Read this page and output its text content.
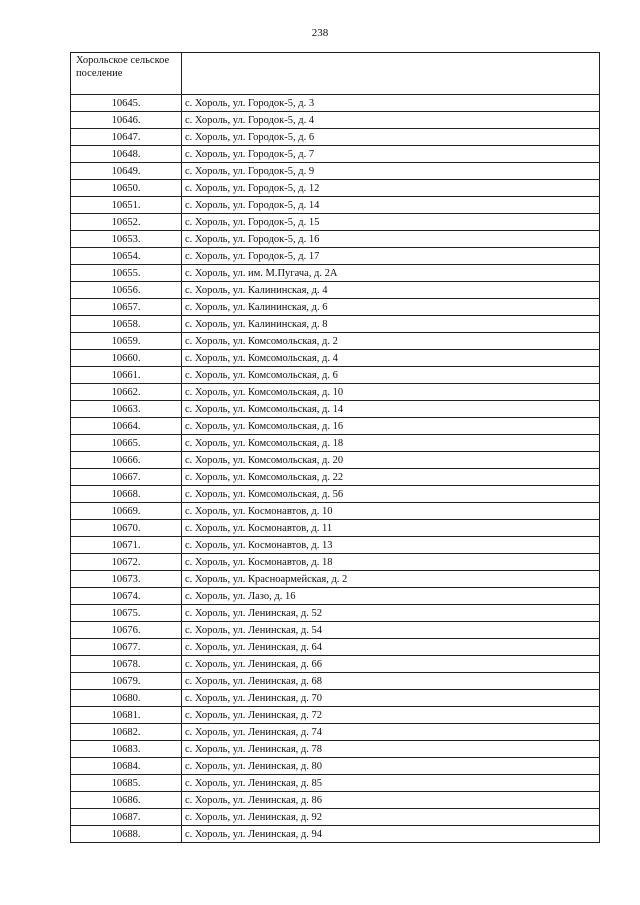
238
Хорольское сельское поселение	
10645.	с. Хороль, ул. Городок-5, д. 3
10646.	с. Хороль, ул. Городок-5, д. 4
10647.	с. Хороль, ул. Городок-5, д. 6
10648.	с. Хороль, ул. Городок-5, д. 7
10649.	с. Хороль, ул. Городок-5, д. 9
10650.	с. Хороль, ул. Городок-5, д. 12
10651.	с. Хороль, ул. Городок-5, д. 14
10652.	с. Хороль, ул. Городок-5, д. 15
10653.	с. Хороль, ул. Городок-5, д. 16
10654.	с. Хороль, ул. Городок-5, д. 17
10655.	с. Хороль, ул. им. М.Пугача, д. 2А
10656.	с. Хороль, ул. Калининская, д. 4
10657.	с. Хороль, ул. Калининская, д. 6
10658.	с. Хороль, ул. Калининская, д. 8
10659.	с. Хороль, ул. Комсомольская, д. 2
10660.	с. Хороль, ул. Комсомольская, д. 4
10661.	с. Хороль, ул. Комсомольская, д. 6
10662.	с. Хороль, ул. Комсомольская, д. 10
10663.	с. Хороль, ул. Комсомольская, д. 14
10664.	с. Хороль, ул. Комсомольская, д. 16
10665.	с. Хороль, ул. Комсомольская, д. 18
10666.	с. Хороль, ул. Комсомольская, д. 20
10667.	с. Хороль, ул. Комсомольская, д. 22
10668.	с. Хороль, ул. Комсомольская, д. 56
10669.	с. Хороль, ул. Космонавтов, д. 10
10670.	с. Хороль, ул. Космонавтов, д. 11
10671.	с. Хороль, ул. Космонавтов, д. 13
10672.	с. Хороль, ул. Космонавтов, д. 18
10673.	с. Хороль, ул. Красноармейская, д. 2
10674.	с. Хороль, ул. Лазо, д. 16
10675.	с. Хороль, ул. Ленинская, д. 52
10676.	с. Хороль, ул. Ленинская, д. 54
10677.	с. Хороль, ул. Ленинская, д. 64
10678.	с. Хороль, ул. Ленинская, д. 66
10679.	с. Хороль, ул. Ленинская, д. 68
10680.	с. Хороль, ул. Ленинская, д. 70
10681.	с. Хороль, ул. Ленинская, д. 72
10682.	с. Хороль, ул. Ленинская, д. 74
10683.	с. Хороль, ул. Ленинская, д. 78
10684.	с. Хороль, ул. Ленинская, д. 80
10685.	с. Хороль, ул. Ленинская, д. 85
10686.	с. Хороль, ул. Ленинская, д. 86
10687.	с. Хороль, ул. Ленинская, д. 92
10688.	с. Хороль, ул. Ленинская, д. 94
